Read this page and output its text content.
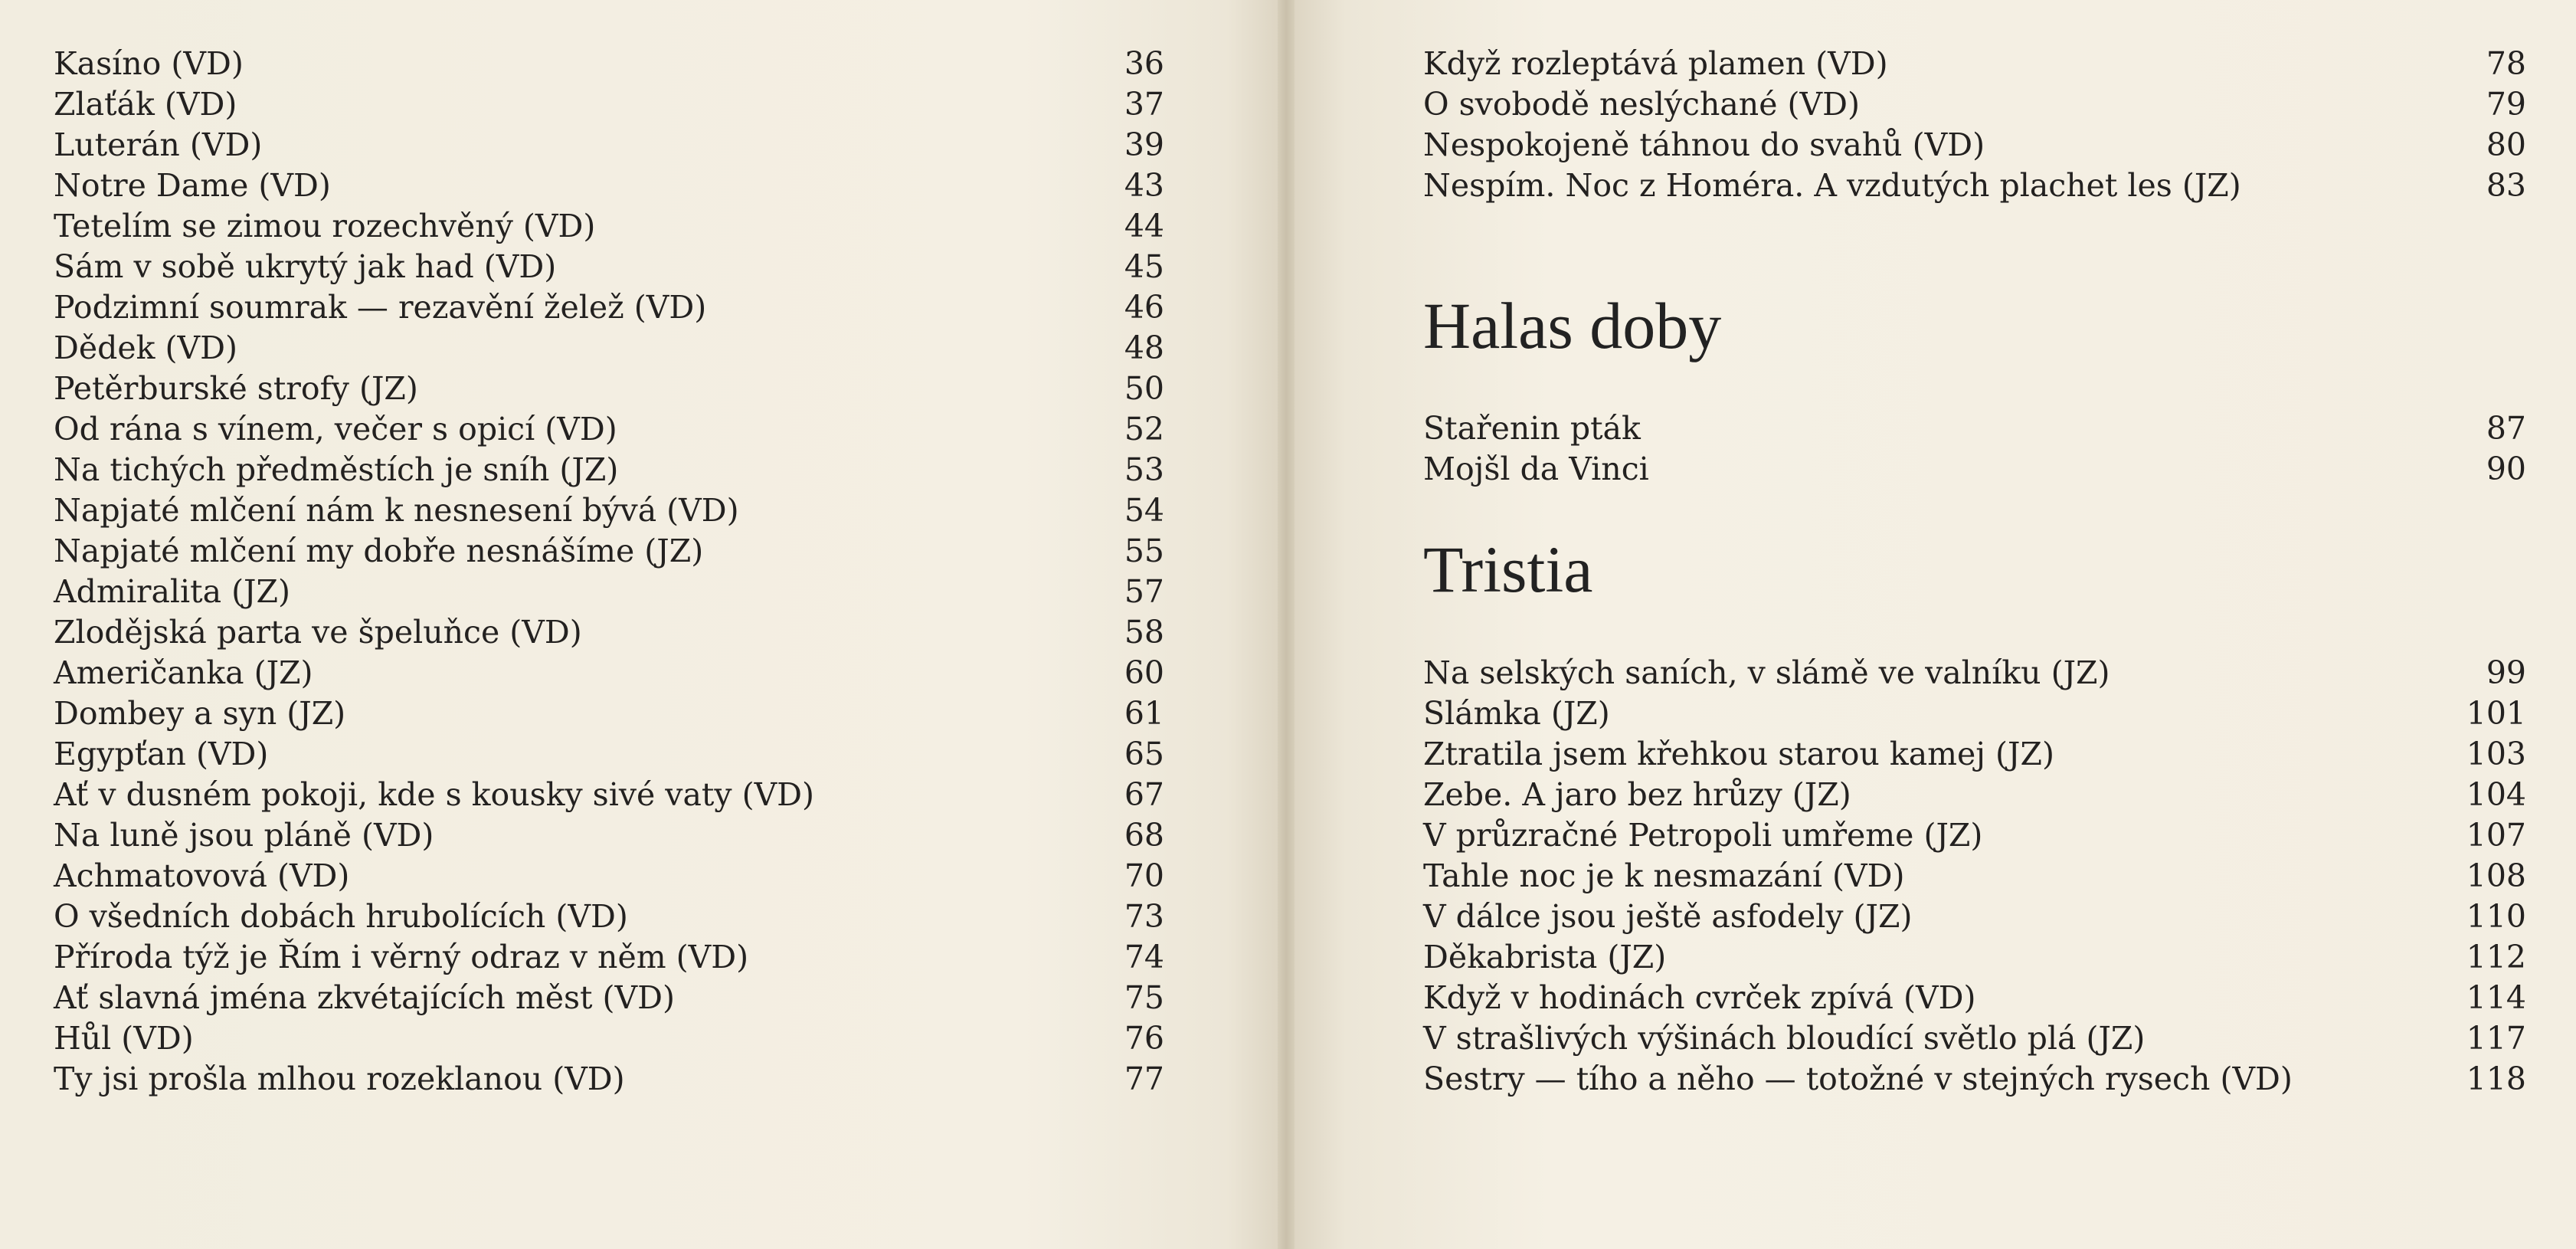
Kasíno (VD)	36
Zlaťák (VD)	37
Luterán (VD)	39
Notre Dame (VD)	43
Tetelím se zimou rozechvěný (VD)	44
Sám v sobě ukrytý jak had (VD)	45
Podzimní soumrak — rezavění želež (VD)	46
Dědek (VD)	48
Petěrburské strofy (JZ)	50
Od rána s vínem, večer s opicí (VD)	52
Na tichých předměstích je sníh (JZ)	53
Napjaté mlčení nám k nesnesení bývá (VD)	54
Napjaté mlčení my dobře nesnášíme (JZ)	55
Admiralita (JZ)	57
Zlodějská parta ve špeluňce (VD)	58
Američanka (JZ)	60
Dombey a syn (JZ)	61
Egypťan (VD)	65
Ať v dusném pokoji, kde s kousky sivé vaty (VD)	67
Na luně jsou pláně (VD)	68
Achmatovová (VD)	70
O všedních dobách hrubolících (VD)	73
Příroda týž je Řím i věrný odraz v něm (VD)	74
Ať slavná jména zkvétajících měst (VD)	75
Hůl (VD)	76
Ty jsi prošla mlhou rozeklanou (VD)	77
Když rozleptává plamen (VD)	78
O svobodě neslýchané (VD)	79
Nespokojeně táhnou do svahů (VD)	80
Nespím. Noc z Homéra. A vzdutých plachet les (JZ)	83
Halas doby
Stařenin pták	87
Mojšl da Vinci	90
Tristia
Na selských saních, v slámě ve valníku (JZ)	99
Slámka (JZ)	101
Ztratila jsem křehkou starou kamej (JZ)	103
Zebe. A jaro bez hrůzy (JZ)	104
V průzračné Petropoli umřeme (JZ)	107
Tahle noc je k nesmazání (VD)	108
V dálce jsou ještě asfodely (JZ)	110
Děkabrista (JZ)	112
Když v hodinách cvrček zpívá (VD)	114
V strašlivých výšinách bloudící světlo plá (JZ)	117
Sestry — tího a něho — totožné v stejných rysech (VD)	118
